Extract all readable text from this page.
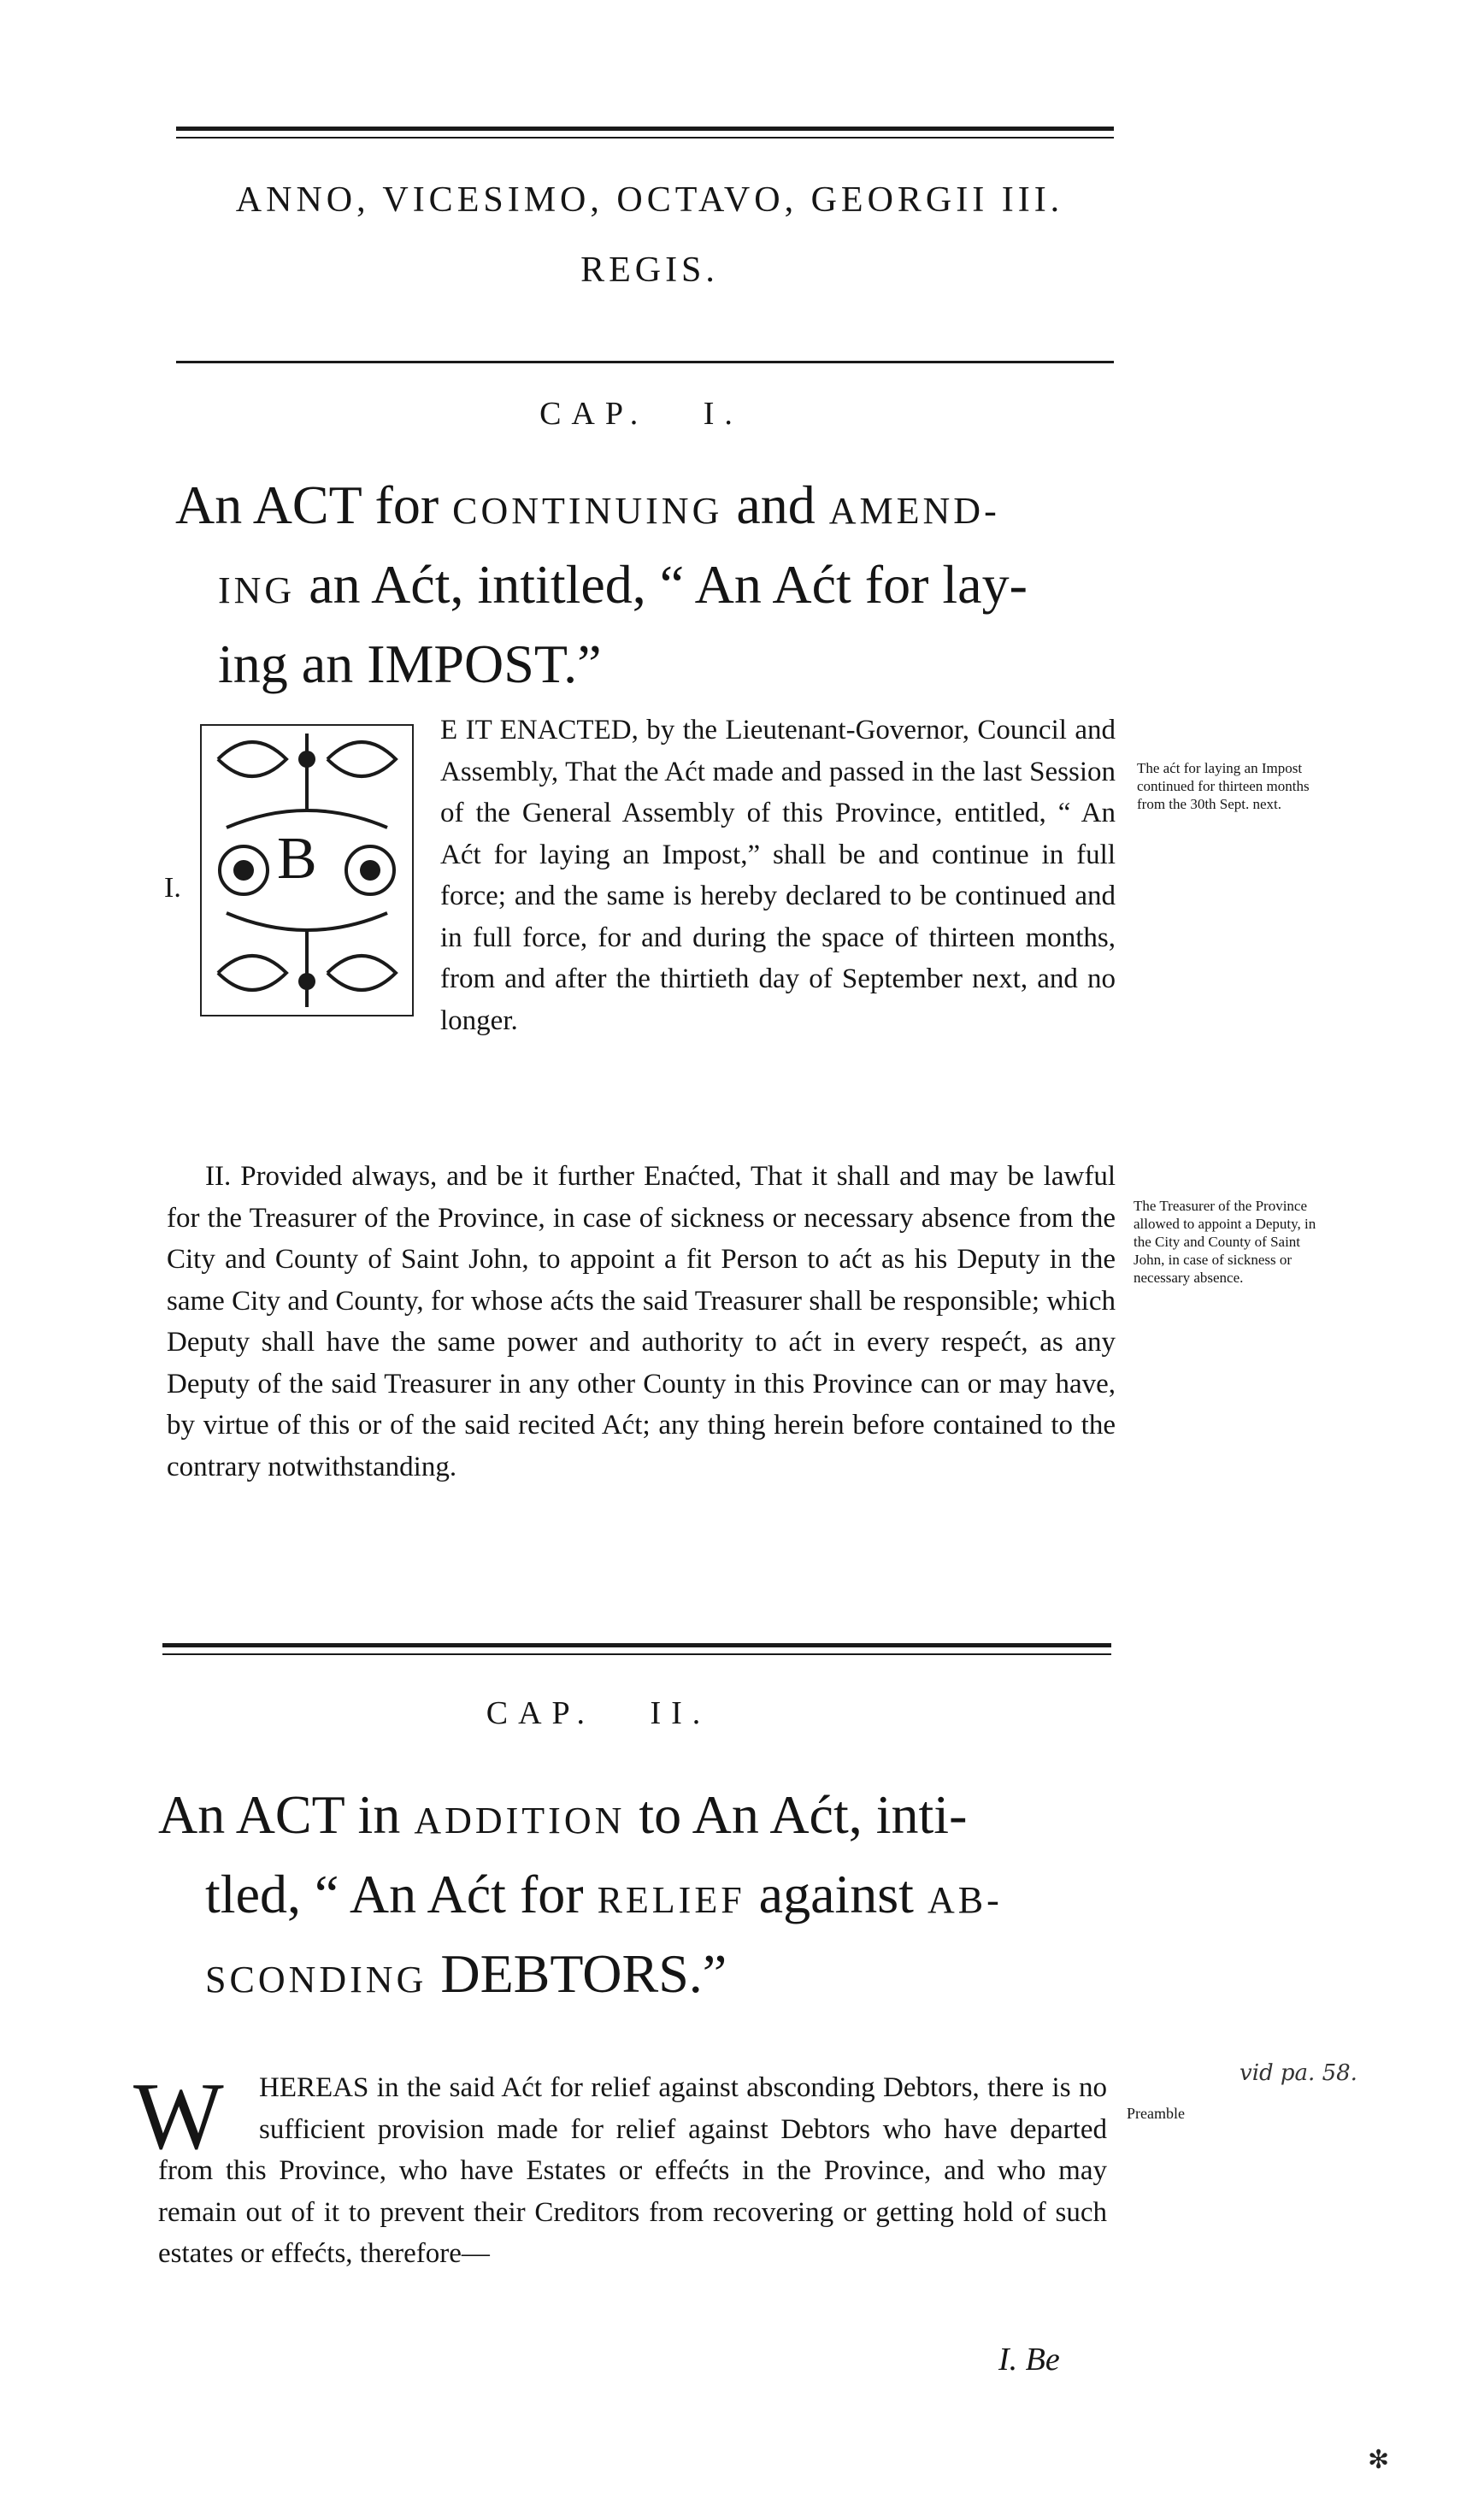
ANNO, VICESIMO, OCTAVO, GEORGII III.
REGIS.
CAP.   I.
An ACT for CONTINUING and AMEND-
ING an Aćt, intitled, “ An Aćt for lay-
ing an IMPOST.”
B
I.
E IT ENACTED, by the Lieutenant-Governor, Council and Assembly, That the Aćt made and passed in the last Session of the General Assembly of this Province, entitled, “ An Aćt for laying an Impost,” shall be and continue in full force; and the same is hereby declared to be continued and in full force, for and during the space of thirteen months, from and after the thirtieth day of September next, and no longer.
The aćt for laying an Impost continued for thirteen months from the 30th Sept. next.
II. Provided always, and be it further Enaćted, That it shall and may be lawful for the Treasurer of the Province, in case of sickness or necessary absence from the City and County of Saint John, to appoint a fit Person to aćt as his Deputy in the same City and County, for whose aćts the said Treasurer shall be responsible; which Deputy shall have the same power and authority to aćt in every respećt, as any Deputy of the said Treasurer in any other County in this Province can or may have, by virtue of this or of the said recited Aćt; any thing herein before contained to the contrary notwithstanding.
The Treasurer of the Province allowed to appoint a Deputy, in the City and County of Saint John, in case of sickness or necessary absence.
CAP.   II.
An ACT in ADDITION to An Aćt, inti-
tled, “ An Aćt for RELIEF against AB-
SCONDING DEBTORS.”
W	HEREAS in the said Aćt for relief against absconding Debtors, there is no sufficient provision made for relief against Debtors who have departed from this Province, who have Estates or effećts in the Province, and who may remain out of it to prevent their Creditors from recovering or getting hold of such estates or effećts, therefore—
Preamble
vid pa. 58.
I. Be
✻
